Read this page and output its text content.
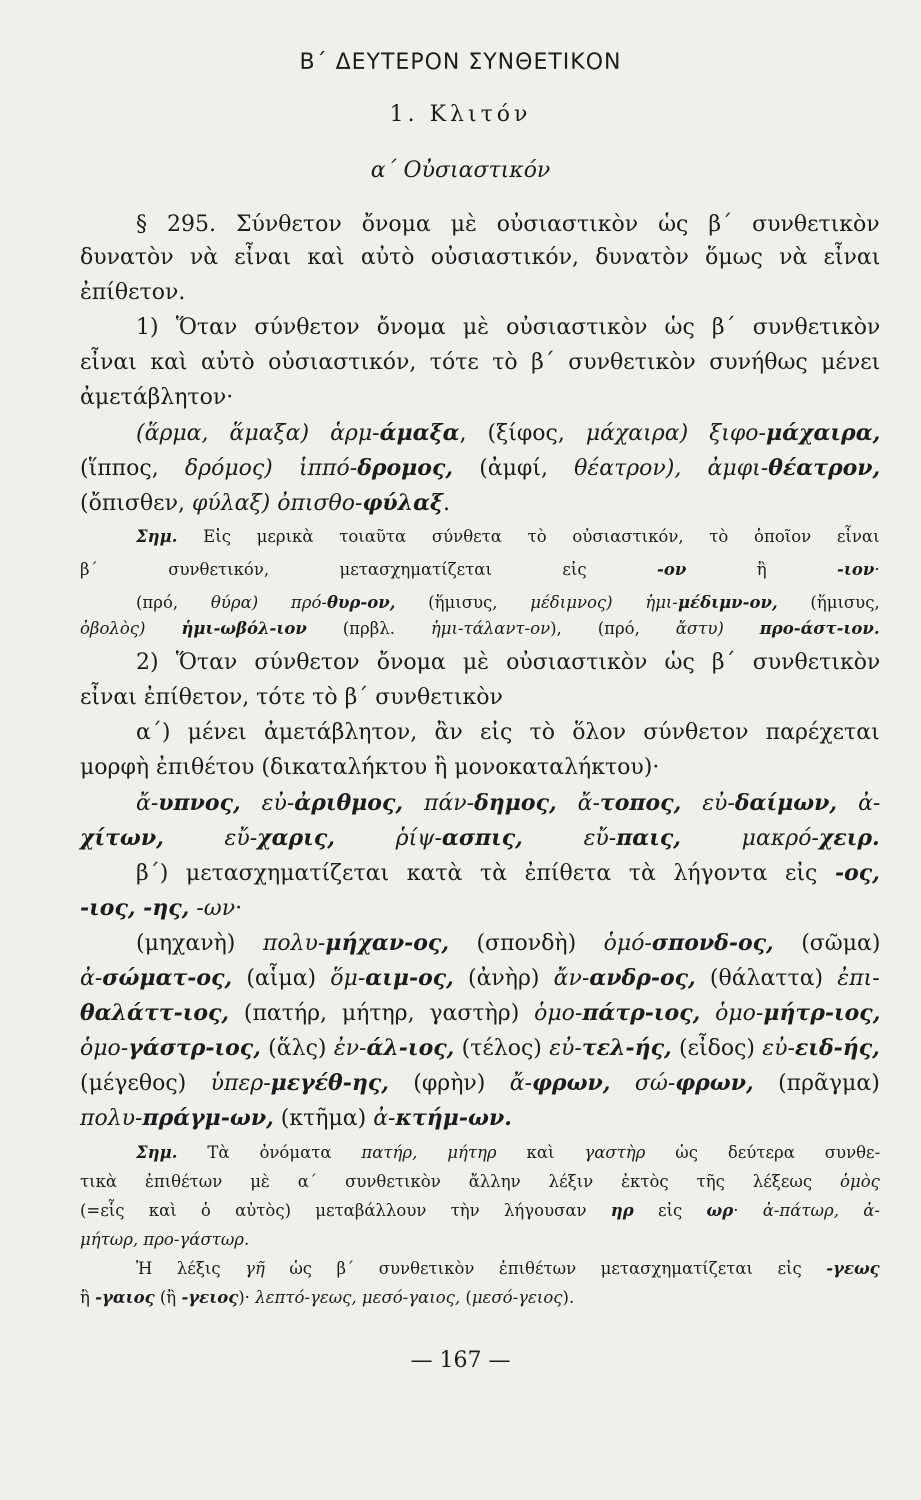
Β΄ ΔΕΥΤΕΡΟΝ ΣΥΝΘΕΤΙΚΟΝ
1. Κλιτόν
α΄ Οὐσιαστικόν
§ 295. Σύνθετον ὄνομα μὲ οὐσιαστικὸν ὡς β΄ συνθετικὸν
δυνατὸν νὰ εἶναι καὶ αὐτὸ οὐσιαστικόν, δυνατὸν ὅμως νὰ εἶναι
ἐπίθετον.
1) Ὅταν σύνθετον ὄνομα μὲ οὐσιαστικὸν ὡς β΄ συνθετικὸν
εἶναι καὶ αὐτὸ οὐσιαστικόν, τότε τὸ β΄ συνθετικὸν συνήθως μένει
ἀμετάβλητον·
(ἅρμα, ἅμαξα) ἁρμ-άμαξα, (ξίφος, μάχαιρα) ξιφο-μάχαιρα,
(ἵππος, δρόμος) ἱππό-δρομος, (ἀμφί, θέατρον), ἀμφι-θέατρον,
(ὄπισθεν, φύλαξ) ὀπισθο-φύλαξ.
Σημ. Εἰς μερικὰ τοιαῦτα σύνθετα τὸ οὐσιαστικόν, τὸ ὁποῖον εἶναι
β΄ συνθετικόν, μετασχηματίζεται εἰς -ον ἢ -ιον·
(πρό, θύρα) πρό-θυρ-ον, (ἥμισυς, μέδιμνος) ἡμι-μέδιμν-ον, (ἥμισυς,
ὀβολὸς) ἡμι-ωβόλ-ιον (πρβλ. ἡμι-τάλαντ-ον), (πρό, ἄστυ) προ-άστ-ιον.
2) Ὅταν σύνθετον ὄνομα μὲ οὐσιαστικὸν ὡς β΄ συνθετικὸν
εἶναι ἐπίθετον, τότε τὸ β΄ συνθετικὸν
α΄) μένει ἀμετάβλητον, ἂν εἰς τὸ ὅλον σύνθετον παρέχεται
μορφὴ ἐπιθέτου (δικαταλήκτου ἢ μονοκαταλήκτου)·
ἄ-υπνος, εὐ-ἀριθμος, πάν-δημος, ἄ-τοπος, εὐ-δαίμων, ἀ-
χίτων, εὔ-χαρις, ῥίψ-ασπις, εὔ-παις, μακρό-χειρ.
β΄) μετασχηματίζεται κατὰ τὰ ἐπίθετα τὰ λήγοντα εἰς -ος,
-ιος, -ης, -ων·
(μηχανὴ) πολυ-μήχαν-ος, (σπονδὴ) ὁμό-σπονδ-ος, (σῶμα)
ἀ-σώματ-ος, (αἷμα) ὅμ-αιμ-ος, (ἀνὴρ) ἄν-ανδρ-ος, (θάλαττα) ἐπι-
θαλάττ-ιος, (πατήρ, μήτηρ, γαστὴρ) ὁμο-πάτρ-ιος, ὁμο-μήτρ-ιος,
ὁμο-γάστρ-ιος, (ἅλς) ἐν-άλ-ιος, (τέλος) εὐ-τελ-ής, (εἶδος) εὐ-ειδ-ής,
(μέγεθος) ὑπερ-μεγέθ-ης, (φρὴν) ἄ-φρων, σώ-φρων, (πρᾶγμα)
πολυ-πράγμ-ων, (κτῆμα) ἀ-κτήμ-ων.
Σημ. Τὰ ὀνόματα πατήρ, μήτηρ καὶ γαστὴρ ὡς δεύτερα συνθε-
τικὰ ἐπιθέτων μὲ α΄ συνθετικὸν ἄλλην λέξιν ἐκτὸς τῆς λέξεως ὁμὸς
(=εἷς καὶ ὁ αὐτὸς) μεταβάλλουν τὴν λήγουσαν ηρ εἰς ωρ· ἀ-πάτωρ, ἀ-
μήτωρ, προ-γάστωρ.
Ἡ λέξις γῆ ὡς β΄ συνθετικὸν ἐπιθέτων μετασχηματίζεται εἰς -γεως
ἢ -γαιος (ἢ -γειος)· λεπτό-γεως, μεσό-γαιος, (μεσό-γειος).
— 167 —
